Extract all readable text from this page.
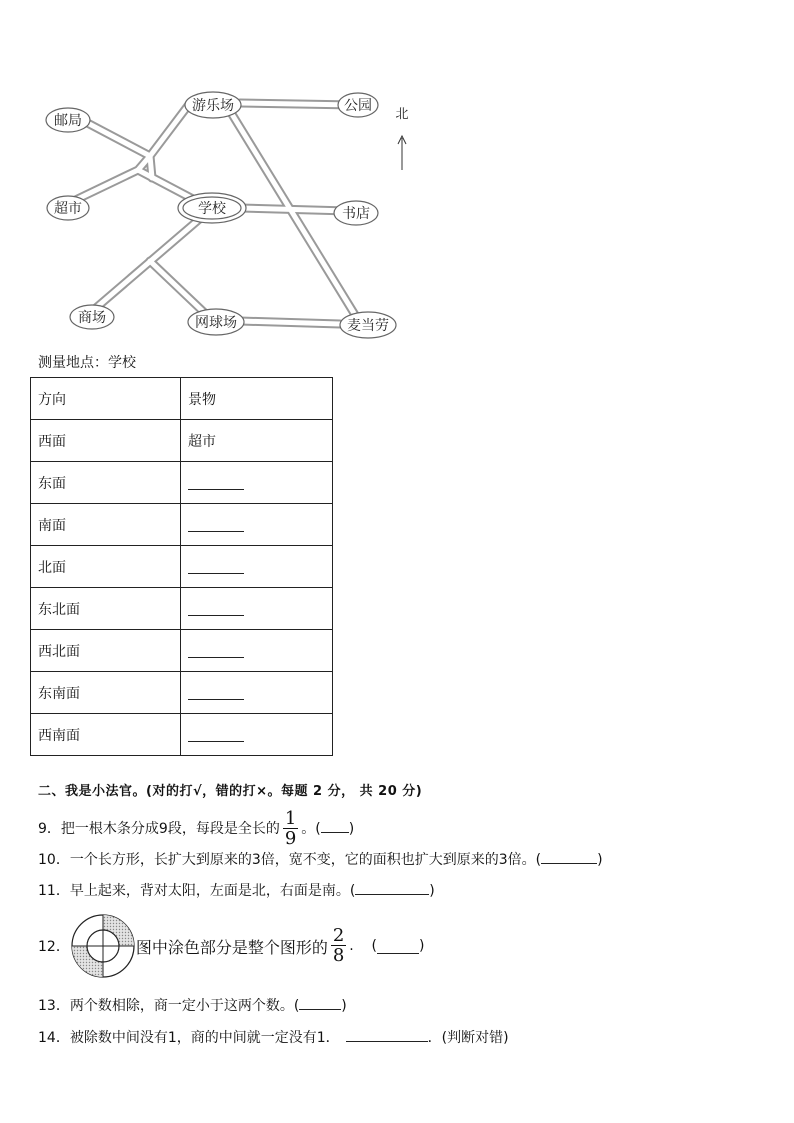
邮局
游乐场	公园
超市	学校	书店
商场	网球场	麦当劳
北
测量地点：学校
方向	景物
西面	超市
东面	
南面	
北面	
东北面	
西北面	
东南面	
西南面	
二、我是小法官。(对的打√，错的打×。每题 2 分， 共 20 分)
9．把一根木条分成9段，每段是全长的 $\frac{1}{9}$ 。( )
10．一个长方形，长扩大到原来的3倍，宽不变，它的面积也扩大到原来的3倍。(	)
11．早上起来，背对太阳，左面是北，右面是南。(	)
12．	图中涂色部分是整个图形的 $\frac{2}{8}$ .    (	)
13．两个数相除，商一定小于这两个数。(	)
14．被除数中间没有1，商的中间就一定没有1．	．(判断对错)
